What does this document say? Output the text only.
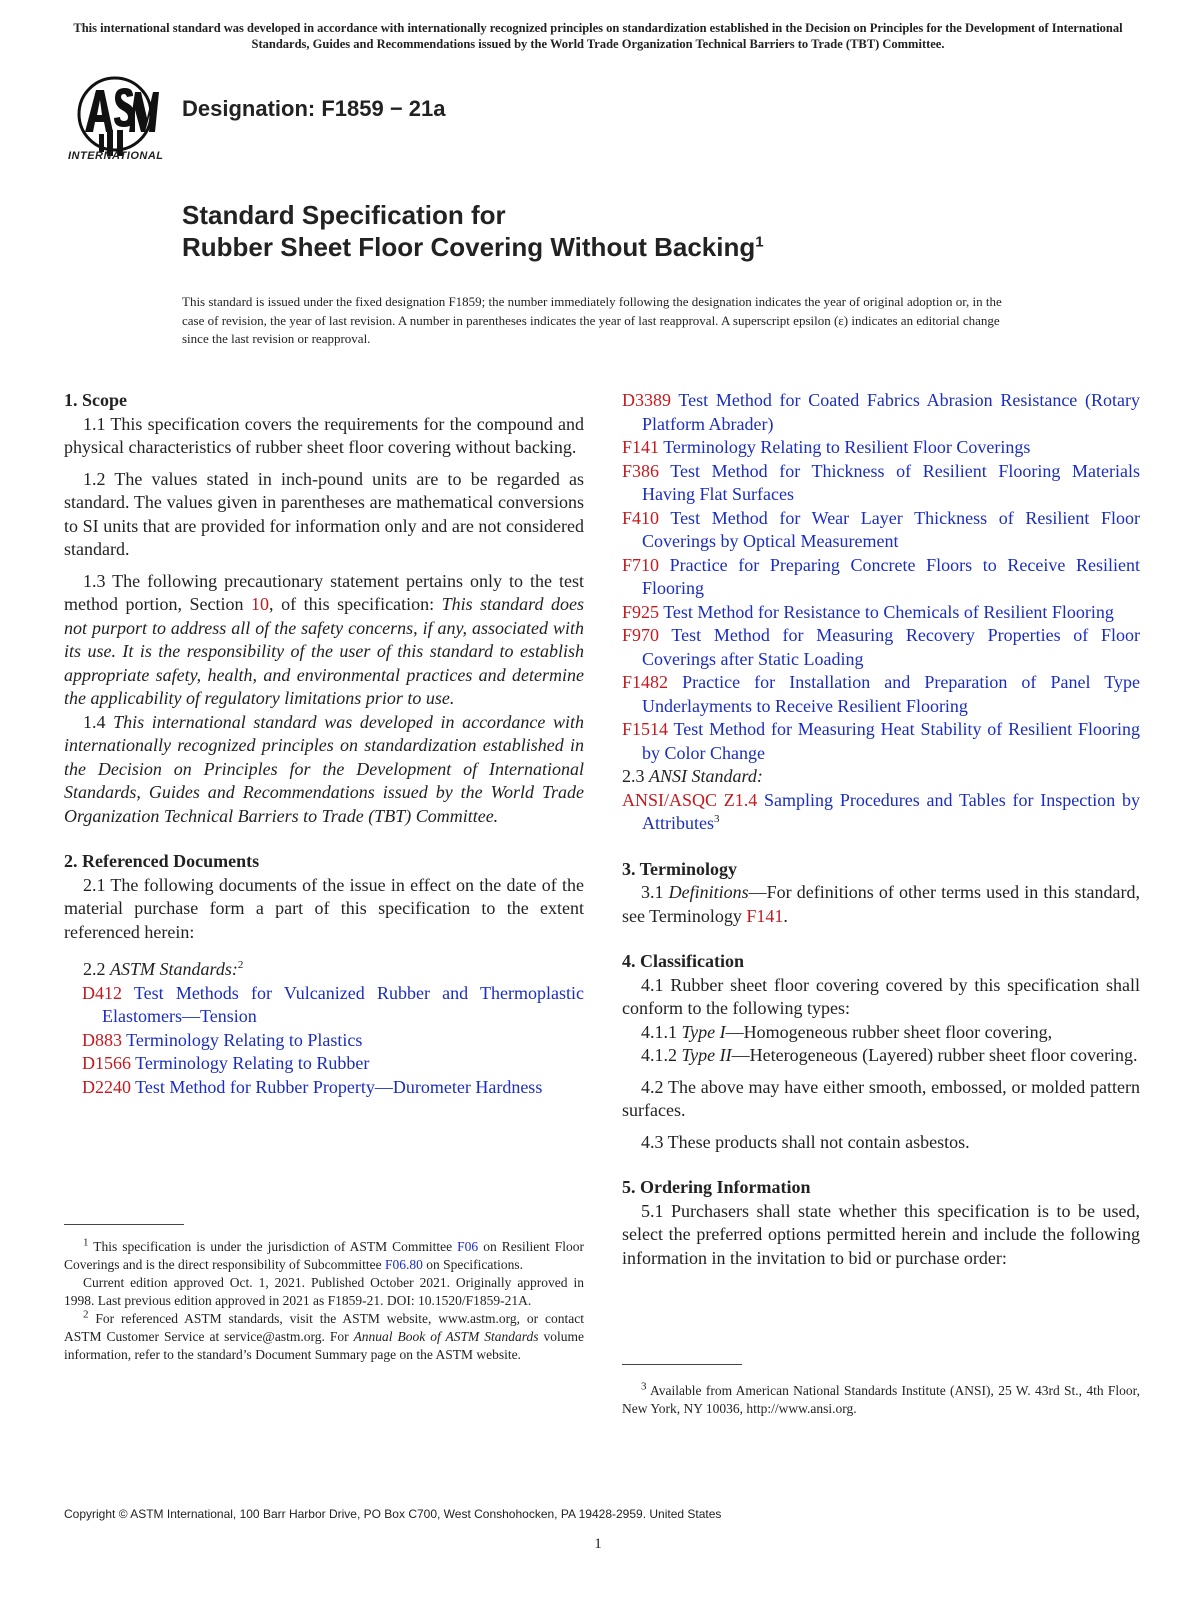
This international standard was developed in accordance with internationally recognized principles on standardization established in the Decision on Principles for the Development of International Standards, Guides and Recommendations issued by the World Trade Organization Technical Barriers to Trade (TBT) Committee.
INTERNATIONAL
Designation: F1859 − 21a
Standard Specification for
Rubber Sheet Floor Covering Without Backing$^1$
This standard is issued under the fixed designation F1859; the number immediately following the designation indicates the year of original adoption or, in the case of revision, the year of last revision. A number in parentheses indicates the year of last reapproval. A superscript epsilon (ε) indicates an editorial change since the last revision or reapproval.

1. Scope

1.1 This specification covers the requirements for the compound and physical characteristics of rubber sheet floor covering without backing.

1.2 The values stated in inch-pound units are to be regarded as standard. The values given in parentheses are mathematical conversions to SI units that are provided for information only and are not considered standard.

1.3 The following precautionary statement pertains only to the test method portion, Section 10, of this specification: This standard does not purport to address all of the safety concerns, if any, associated with its use. It is the responsibility of the user of this standard to establish appropriate safety, health, and environmental practices and determine the applicability of regulatory limitations prior to use.

1.4 This international standard was developed in accordance with internationally recognized principles on standardization established in the Decision on Principles for the Development of International Standards, Guides and Recommendations issued by the World Trade Organization Technical Barriers to Trade (TBT) Committee.

2. Referenced Documents

2.1 The following documents of the issue in effect on the date of the material purchase form a part of this specification to the extent referenced herein:

2.2 ASTM Standards:$^2$

D412 Test Methods for Vulcanized Rubber and Thermoplastic Elastomers—Tension

D883 Terminology Relating to Plastics

D1566 Terminology Relating to Rubber

D2240 Test Method for Rubber Property—Durometer Hardness

D3389 Test Method for Coated Fabrics Abrasion Resistance (Rotary Platform Abrader)

F141 Terminology Relating to Resilient Floor Coverings

F386 Test Method for Thickness of Resilient Flooring Materials Having Flat Surfaces

F410 Test Method for Wear Layer Thickness of Resilient Floor Coverings by Optical Measurement

F710 Practice for Preparing Concrete Floors to Receive Resilient Flooring

F925 Test Method for Resistance to Chemicals of Resilient Flooring

F970 Test Method for Measuring Recovery Properties of Floor Coverings after Static Loading

F1482 Practice for Installation and Preparation of Panel Type Underlayments to Receive Resilient Flooring

F1514 Test Method for Measuring Heat Stability of Resilient Flooring by Color Change

2.3 ANSI Standard:

ANSI/ASQC Z1.4 Sampling Procedures and Tables for Inspection by Attributes$^3$

3. Terminology

3.1 Definitions—For definitions of other terms used in this standard, see Terminology F141.

4. Classification

4.1 Rubber sheet floor covering covered by this specification shall conform to the following types:

4.1.1 Type I—Homogeneous rubber sheet floor covering,

4.1.2 Type II—Heterogeneous (Layered) rubber sheet floor covering.

4.2 The above may have either smooth, embossed, or molded pattern surfaces.

4.3 These products shall not contain asbestos.

5. Ordering Information

5.1 Purchasers shall state whether this specification is to be used, select the preferred options permitted herein and include the following information in the invitation to bid or purchase order:

$^1$ This specification is under the jurisdiction of ASTM Committee F06 on Resilient Floor Coverings and is the direct responsibility of Subcommittee F06.80 on Specifications.

Current edition approved Oct. 1, 2021. Published October 2021. Originally approved in 1998. Last previous edition approved in 2021 as F1859-21. DOI: 10.1520/F1859-21A.

$^2$ For referenced ASTM standards, visit the ASTM website, www.astm.org, or contact ASTM Customer Service at service@astm.org. For Annual Book of ASTM Standards volume information, refer to the standard’s Document Summary page on the ASTM website.

$^3$ Available from American National Standards Institute (ANSI), 25 W. 43rd St., 4th Floor, New York, NY 10036, http://www.ansi.org.

Copyright © ASTM International, 100 Barr Harbor Drive, PO Box C700, West Conshohocken, PA 19428-2959. United States
1
